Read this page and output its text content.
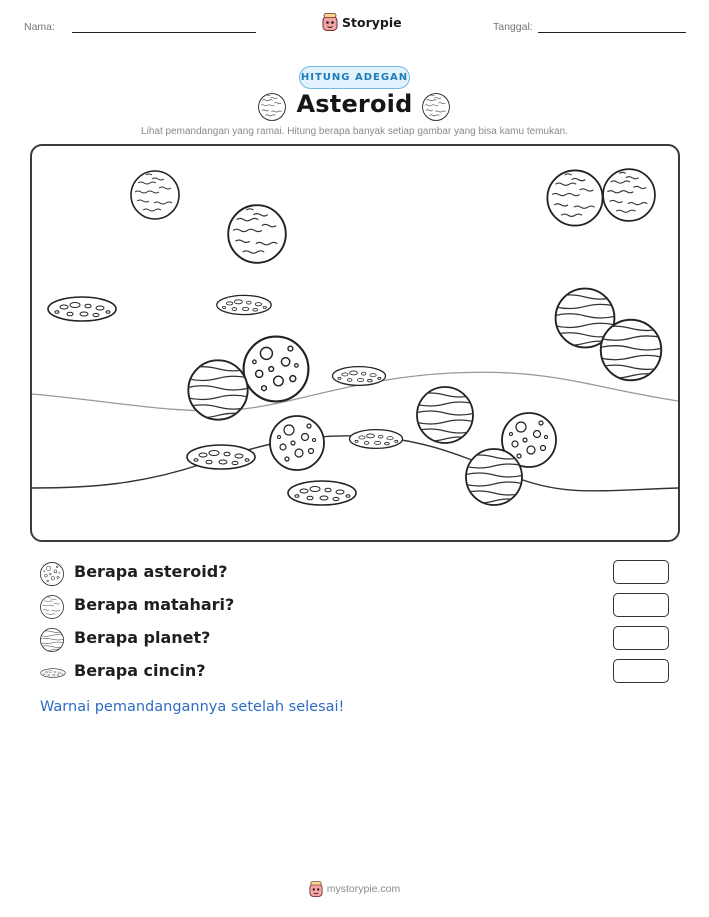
Nama:	Storypie	Tanggal:
HITUNG ADEGAN
Asteroid
Lihat pemandangan yang ramai. Hitung berapa banyak setiap gambar yang bisa kamu temukan.
Berapa asteroid?
Berapa matahari?
Berapa planet?
Berapa cincin?
Warnai pemandangannya setelah selesai!
mystorypie.com
